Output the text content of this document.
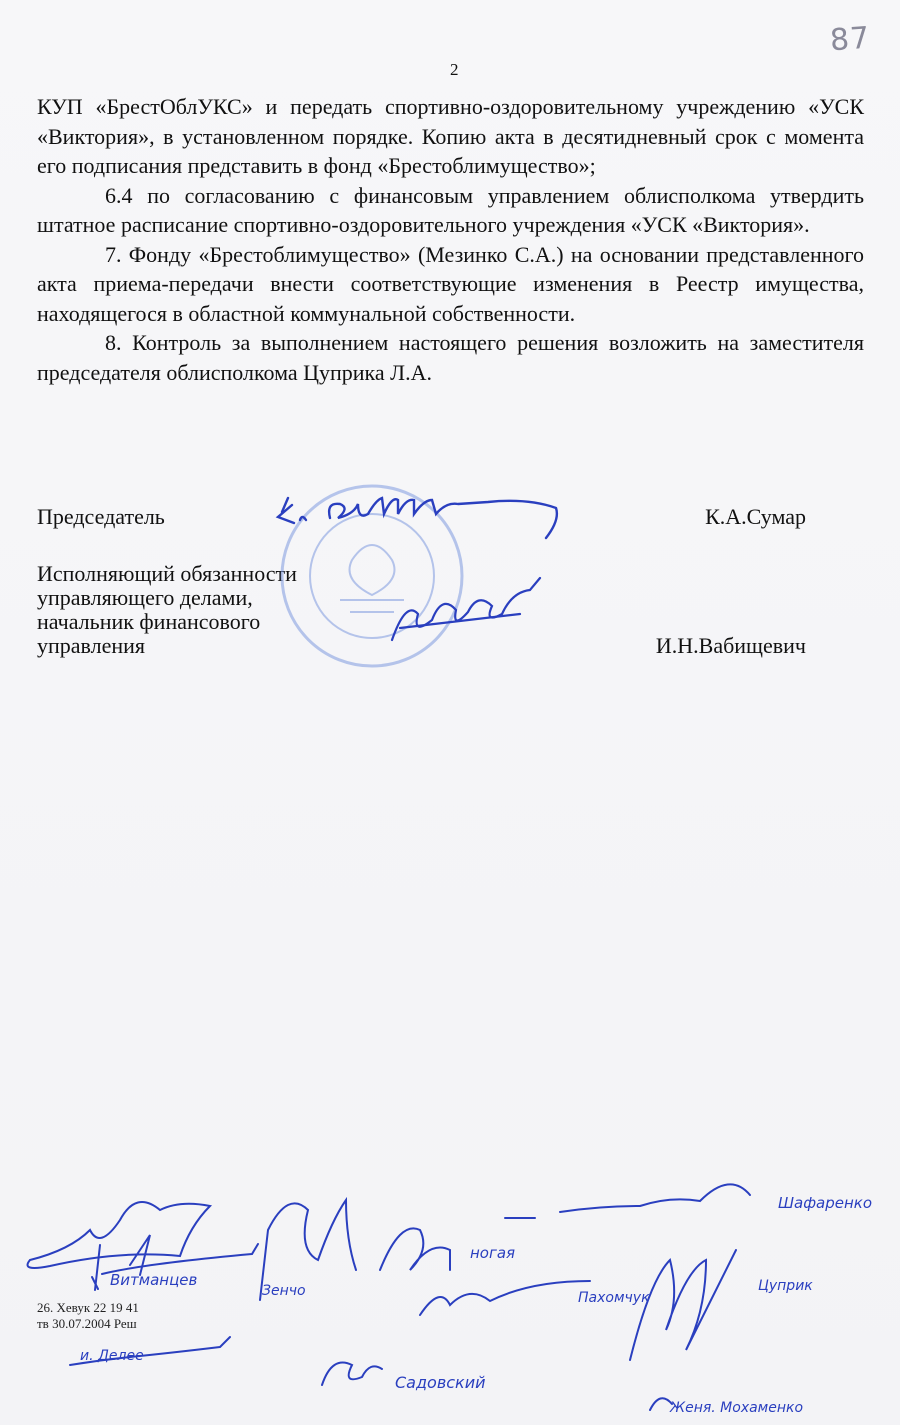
87
2

КУП «БрестОблУКС» и передать спортивно-оздоровительному учреждению «УСК «Виктория», в установленном порядке. Копию акта в десятидневный срок с момента его подписания представить в фонд «Брестоблимущество»;

6.4 по согласованию с финансовым управлением облисполкома утвердить штатное расписание спортивно-оздоровительного учреждения «УСК «Виктория».

7. Фонду «Брестоблимущество» (Мезинко С.А.) на основании представленного акта приема-передачи внести соответствующие изменения в Реестр имущества, находящегося в областной коммунальной собственности.

8. Контроль за выполнением настоящего решения возложить на заместителя председателя облисполкома Цуприка Л.А.

Председатель	К.А.Сумар
Исполняющий обязанности
управляющего делами,
начальник финансового
управления	И.Н.Вабищевич
26. Хевук 22 19 41
тв 30.07.2004 Реш
Витманцев
и. Делее
Зенчо
ногая
Шафаренко
Пахомчук
Цуприк
Садовский
Женя. Мохаменко
